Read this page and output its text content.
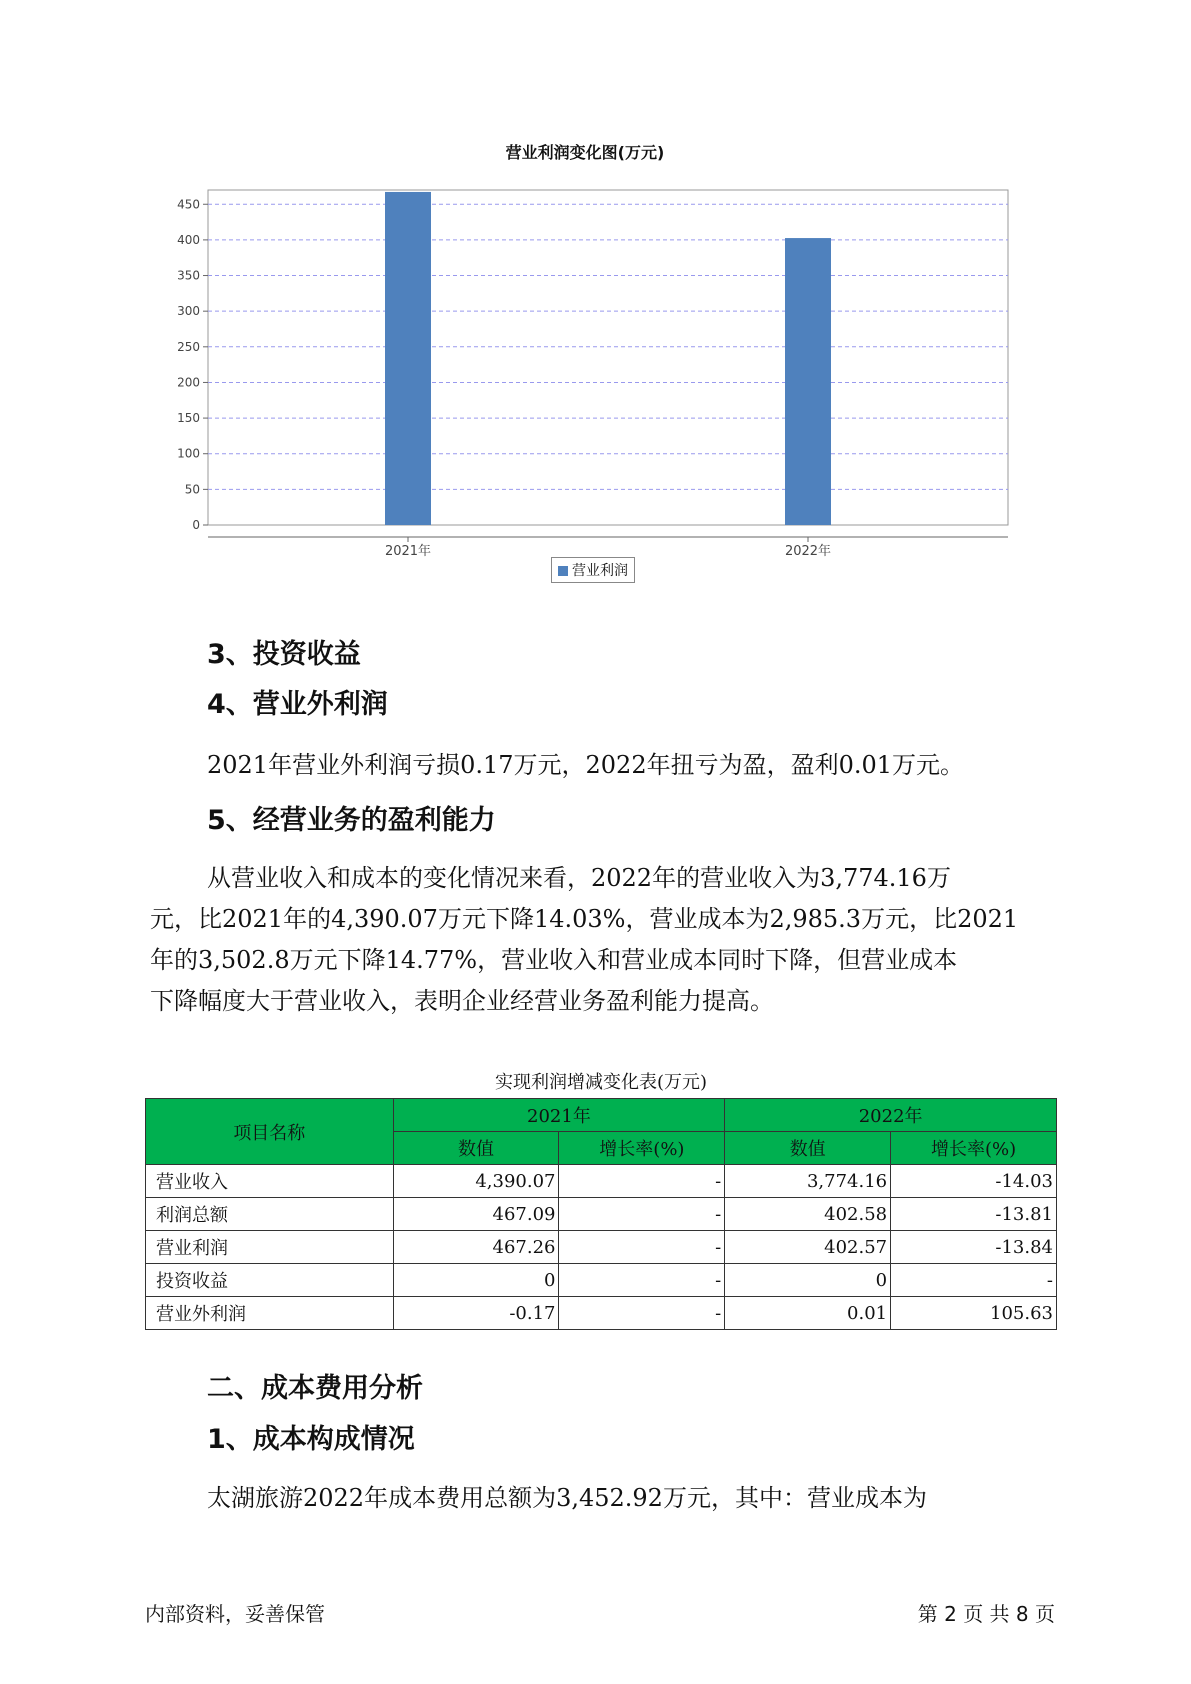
营业利润变化图(万元)
0
50
100
150
200
250
300
350
400
450
2021年	2022年
营业利润
3、投资收益
4、营业外利润

2021年营业外利润亏损0.17万元，2022年扭亏为盈，盈利0.01万元。

5、经营业务的盈利能力

从营业收入和成本的变化情况来看，2022年的营业收入为3,774.16万

元，比2021年的4,390.07万元下降14.03%，营业成本为2,985.3万元，比2021

年的3,502.8万元下降14.77%，营业收入和营业成本同时下降，但营业成本

下降幅度大于营业收入，表明企业经营业务盈利能力提高。

实现利润增减变化表(万元)
项目名称	2021年		2022年	
	数值	增长率(%)	数值	增长率(%)
营业收入	4,390.07	-	3,774.16	-14.03
利润总额	467.09	-	402.58	-13.81
营业利润	467.26	-	402.57	-13.84
投资收益	0	-	0	-
营业外利润	-0.17	-	0.01	105.63
二、成本费用分析
1、成本构成情况

太湖旅游2022年成本费用总额为3,452.92万元，其中：营业成本为

内部资料，妥善保管	第 2 页 共 8 页
